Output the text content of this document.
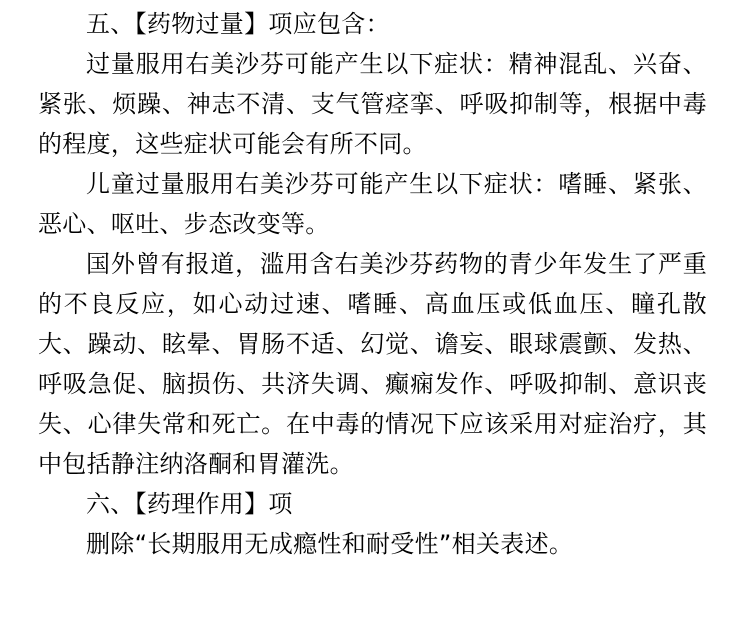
五、【药物过量】项应包含：

过量服用右美沙芬可能产生以下症状：精神混乱、兴奋、紧张、烦躁、神志不清、支气管痉挛、呼吸抑制等，根据中毒的程度，这些症状可能会有所不同。

儿童过量服用右美沙芬可能产生以下症状：嗜睡、紧张、恶心、呕吐、步态改变等。

国外曾有报道，滥用含右美沙芬药物的青少年发生了严重的不良反应，如心动过速、嗜睡、高血压或低血压、瞳孔散大、躁动、眩晕、胃肠不适、幻觉、谵妄、眼球震颤、发热、呼吸急促、脑损伤、共济失调、癫痫发作、呼吸抑制、意识丧失、心律失常和死亡。在中毒的情况下应该采用对症治疗，其中包括静注纳洛酮和胃灌洗。

六、【药理作用】项

删除“长期服用无成瘾性和耐受性”相关表述。
